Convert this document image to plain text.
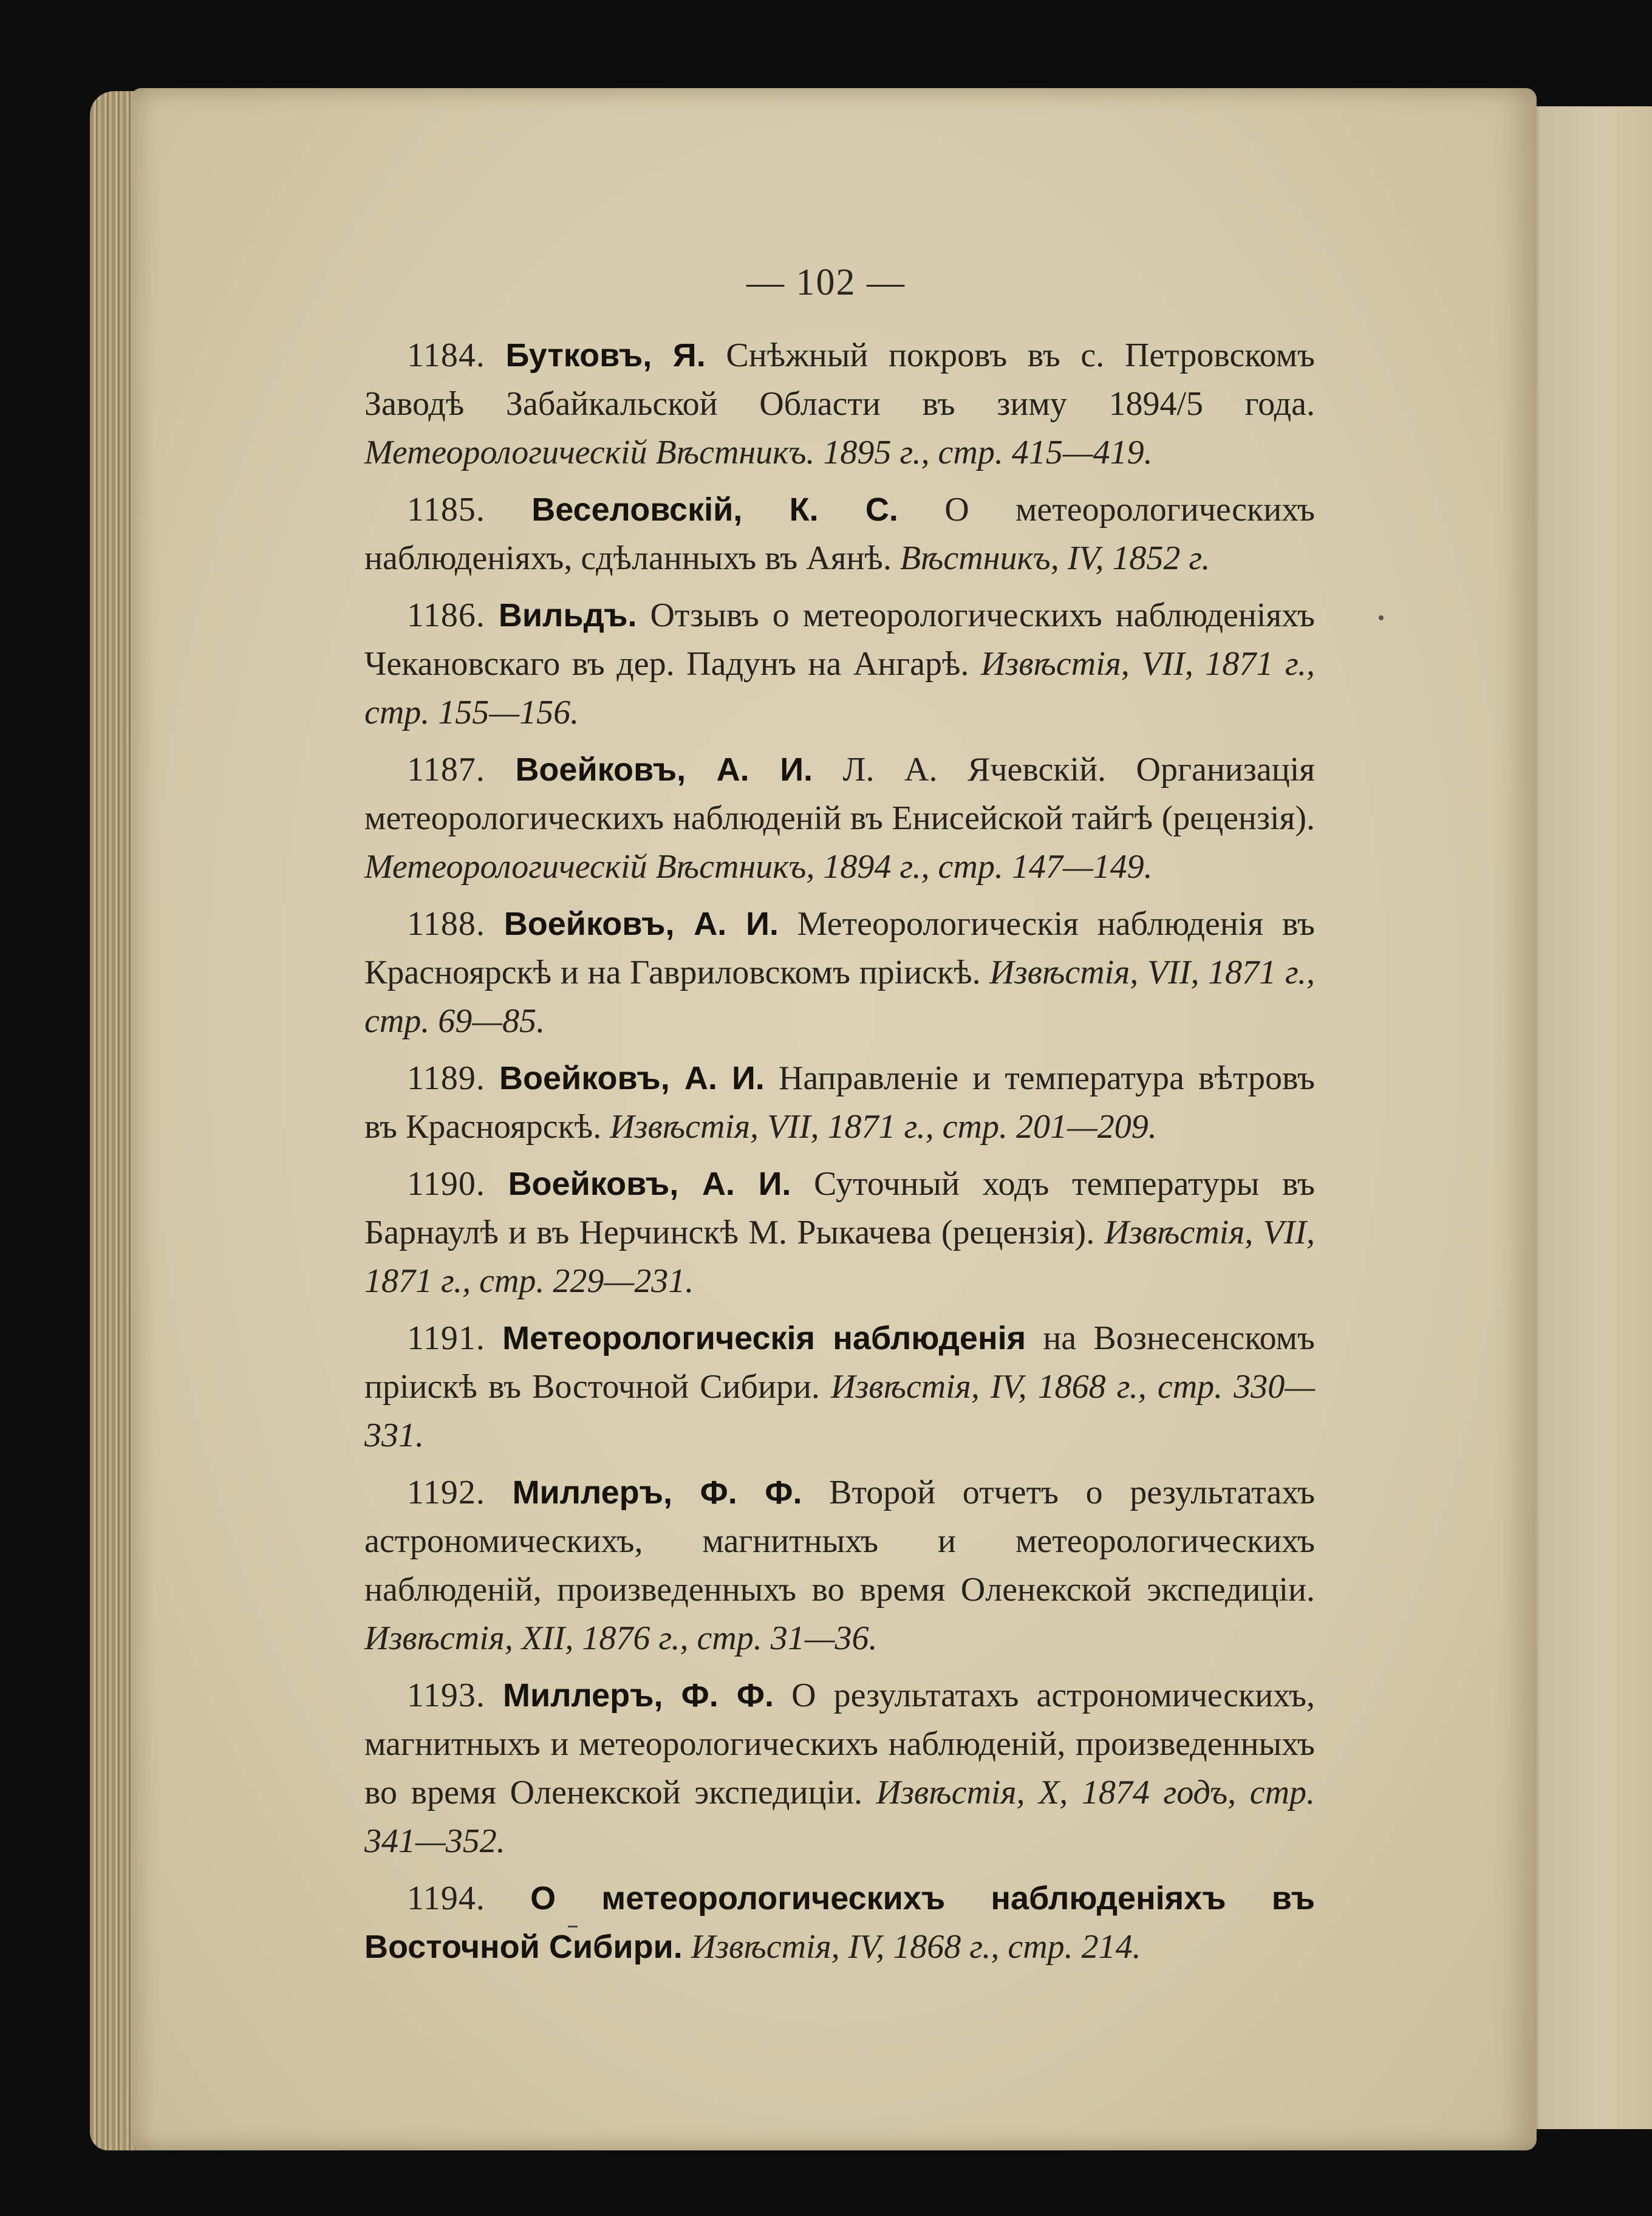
— 102 —

1184. Бутковъ, Я. Снѣжный покровъ въ с. Петровскомъ Заводѣ Забайкальской Области въ зиму 1894/5 года. Метеорологическій Вѣстникъ. 1895 г., стр. 415—419.

1185. Веселовскій, К. С. О метеорологическихъ наблюденіяхъ, сдѣланныхъ въ Аянѣ. Вѣстникъ, IV, 1852 г.

1186. Вильдъ. Отзывъ о метеорологическихъ наблюденіяхъ Чекановскаго въ дер. Падунъ на Ангарѣ. Извѣстія, VII, 1871 г., стр. 155—156.

1187. Воейковъ, А. И. Л. А. Ячевскій. Организація метеорологическихъ наблюденій въ Енисейской тайгѣ (рецензія). Метеорологическій Вѣстникъ, 1894 г., стр. 147—149.

1188. Воейковъ, А. И. Метеорологическія наблюденія въ Красноярскѣ и на Гавриловскомъ пріискѣ. Извѣстія, VII, 1871 г., стр. 69—85.

1189. Воейковъ, А. И. Направленіе и температура вѣтровъ въ Красноярскѣ. Извѣстія, VII, 1871 г., стр. 201—209.

1190. Воейковъ, А. И. Суточный ходъ температуры въ Барнаулѣ и въ Нерчинскѣ М. Рыкачева (рецензія). Извѣстія, VII, 1871 г., стр. 229—231.

1191. Метеорологическія наблюденія на Вознесенскомъ пріискѣ въ Восточной Сибири. Извѣстія, IV, 1868 г., стр. 330—331.

1192. Миллеръ, Ф. Ф. Второй отчетъ о результатахъ астрономическихъ, магнитныхъ и метеорологическихъ наблюденій, произведенныхъ во время Оленекской экспедиціи. Извѣстія, XII, 1876 г., стр. 31—36.

1193. Миллеръ, Ф. Ф. О результатахъ астрономическихъ, магнитныхъ и метеорологическихъ наблюденій, произведенныхъ во время Оленекской экспедиціи. Извѣстія, X, 1874 годъ, стр. 341—352.

1194. О метеорологическихъ наблюденіяхъ въ Восточной Сибири. Извѣстія, IV, 1868 г., стр. 214.
